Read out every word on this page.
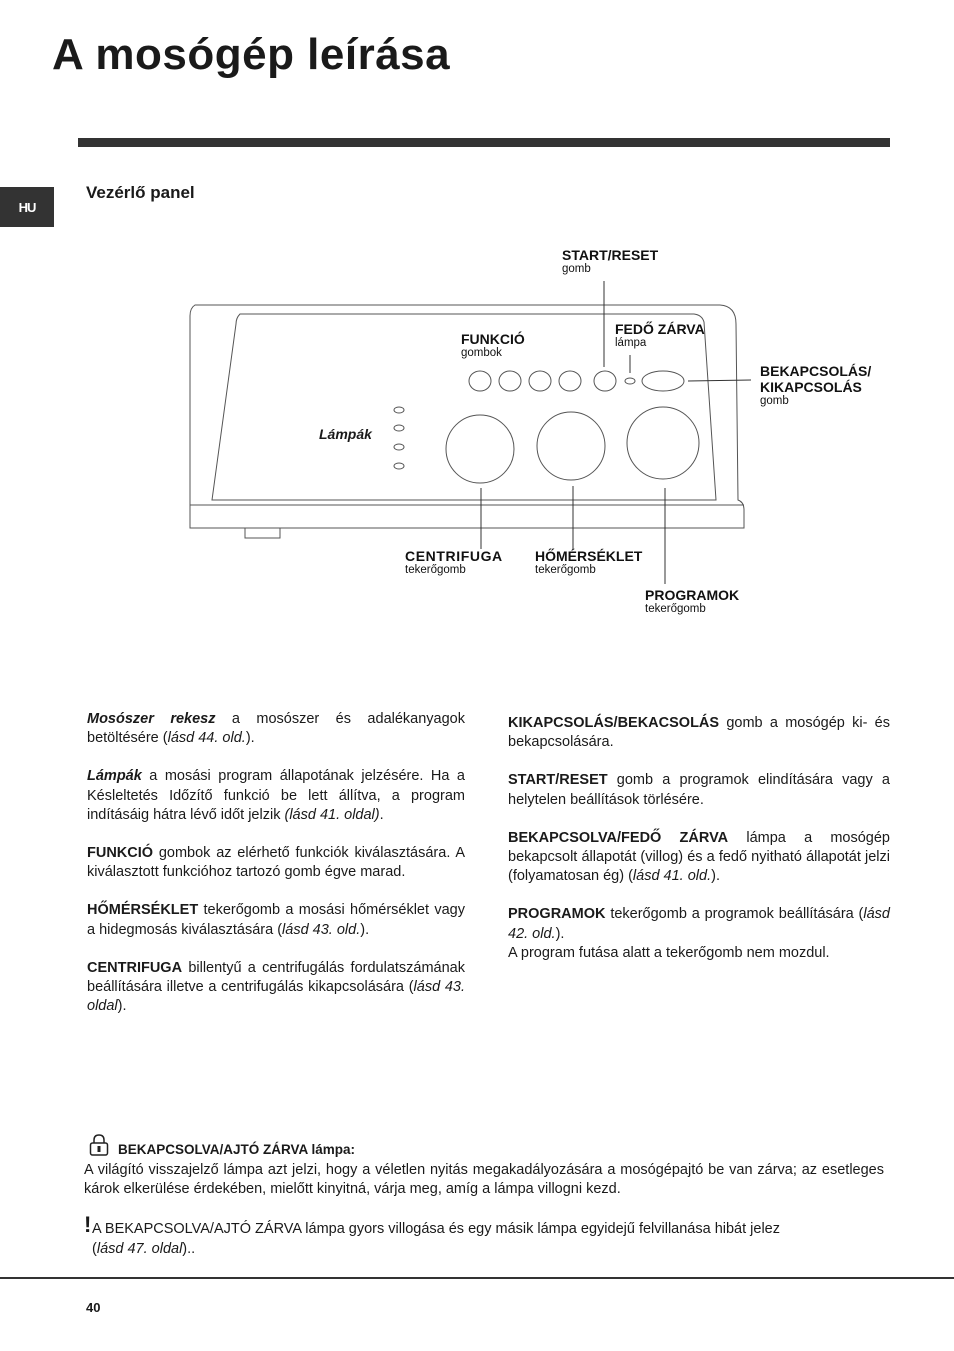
A mosógép leírása
HU
Vezérlő panel
START/RESET
gomb
FEDŐ ZÁRVA
lámpa
FUNKCIÓ
gombok
BEKAPCSOLÁS/
KIKAPCSOLÁS
gomb
Lámpák
CENTRIFUGA
tekerőgomb
HŐMÉRSÉKLET
tekerőgomb
PROGRAMOK
tekerőgomb

Mosószer rekesz a mosószer és adalékanyagok betöltésére (lásd 44. old.).

Lámpák a mosási program állapotának jelzésére. Ha a Késleltetés Időzítő funkció be lett állítva, a program indításáig hátra lévő időt jelzik (lásd 41. oldal).

FUNKCIÓ gombok az elérhető funkciók kiválasztására. A kiválasztott funkcióhoz tartozó gomb égve marad.

HŐMÉRSÉKLET tekerőgomb a mosási hőmérséklet vagy a hidegmosás kiválasztására (lásd 43. old.).

CENTRIFUGA billentyű a centrifugálás fordulatszámának beállítására illetve a centrifugálás kikapcsolására (lásd 43. oldal).

KIKAPCSOLÁS/BEKACSOLÁS gomb a mosógép ki- és bekapcsolására.

START/RESET gomb a programok elindítására vagy a helytelen beállítások törlésére.

BEKAPCSOLVA/FEDŐ ZÁRVA lámpa a mosógép bekapcsolt állapotát (villog) és a fedő nyitható állapotát jelzi (folyamatosan ég) (lásd 41. old.).

PROGRAMOK tekerőgomb a programok beállítására (lásd 42. old.).
A program futása alatt a tekerőgomb nem mozdul.

BEKAPCSOLVA/AJTÓ ZÁRVA lámpa:
A világító visszajelző lámpa azt jelzi, hogy a véletlen nyitás megakadályozására a mosógépajtó be van zárva; az esetleges károk elkerülése érdekében, mielőtt kinyitná, várja meg, amíg a lámpa villogni kezd.
! A BEKAPCSOLVA/AJTÓ ZÁRVA lámpa gyors villogása és egy másik lámpa egyidejű felvillanása hibát jelez
(lásd 47. oldal)..
40
